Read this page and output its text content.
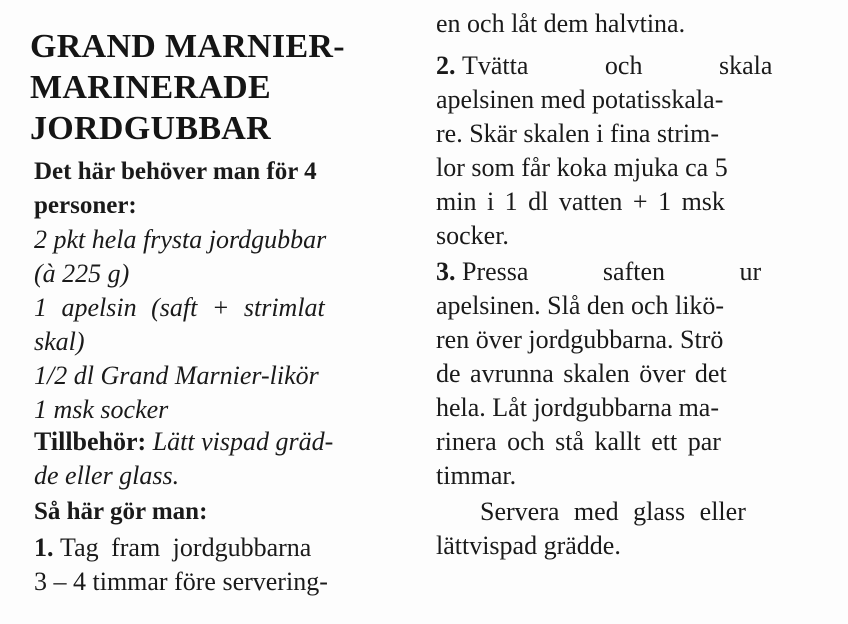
GRAND MARNIER-
MARINERADE
JORDGUBBAR
Det här behöver man för 4
personer:
2 pkt hela frysta jordgubbar
(à 225 g)
1 apelsin (saft + strimlat
skal)
1/2 dl Grand Marnier-likör
1 msk socker
Tillbehör: Lätt vispad gräd-
de eller glass.
Så här gör man:
1. Tag fram jordgubbarna
3 – 4 timmar före servering-
en och låt dem halvtina.
2. Tvätta och skala
apelsinen med potatisskala-
re. Skär skalen i fina strim-
lor som får koka mjuka ca 5
min i 1 dl vatten + 1 msk
socker.
3. Pressa saften ur
apelsinen. Slå den och likö-
ren över jordgubbarna. Strö
de avrunna skalen över det
hela. Låt jordgubbarna ma-
rinera och stå kallt ett par
timmar.
Servera med glass eller
lättvispad grädde.
